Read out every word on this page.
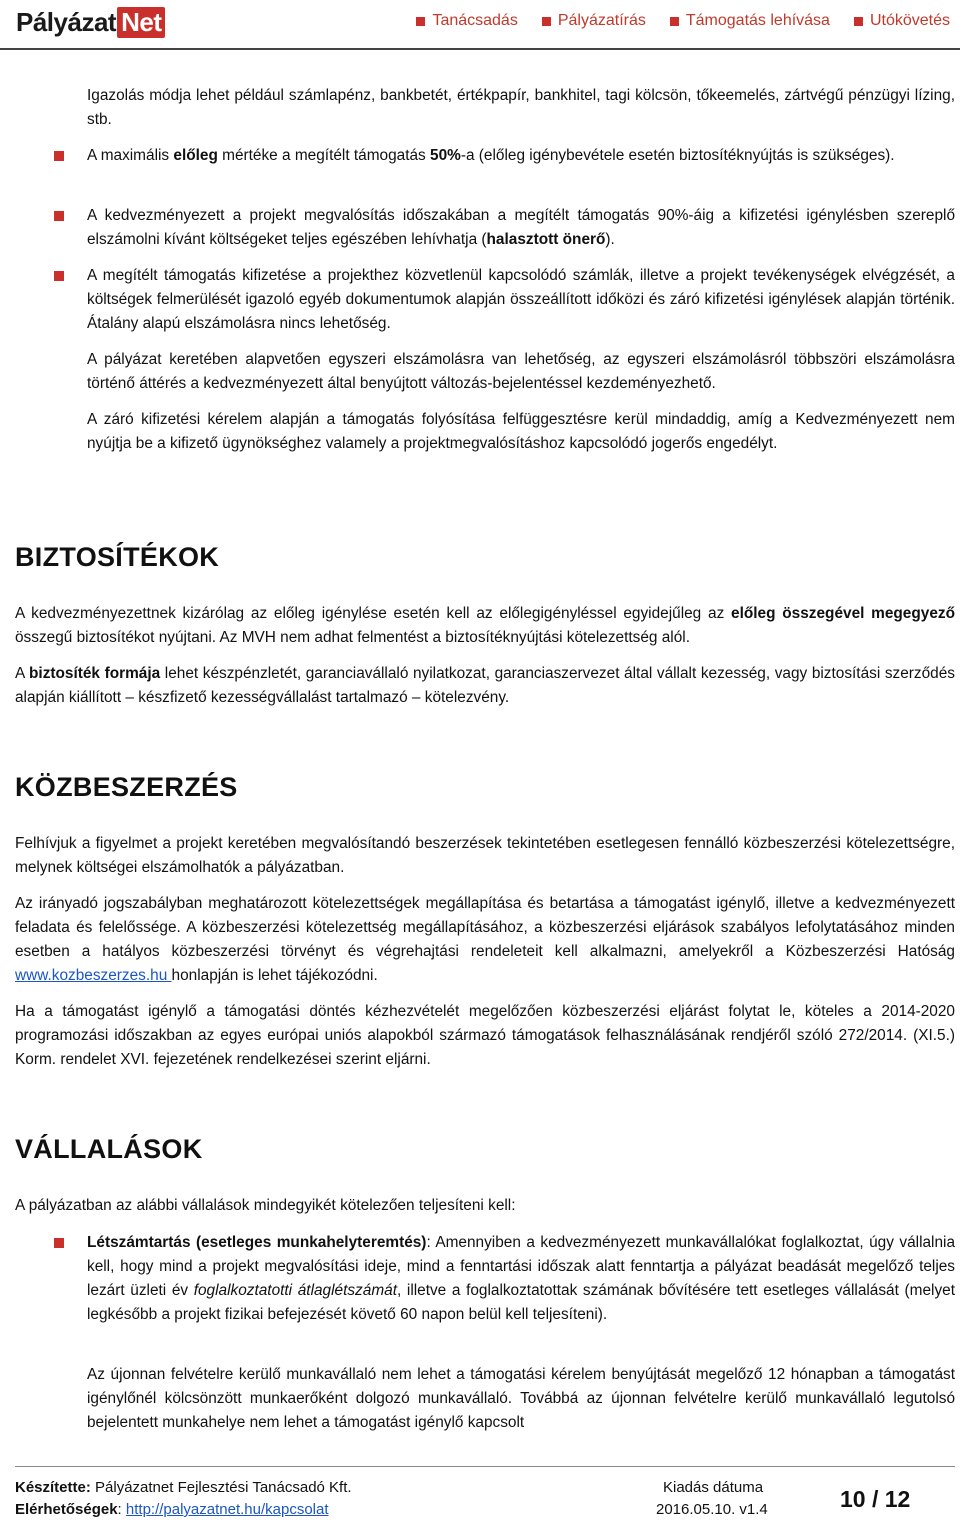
Pályázat Net	Tanácsadás	Pályázatírás	Támogatás lehívása	Utókövetés
Igazolás módja lehet például számlapénz, bankbetét, értékpapír, bankhitel, tagi kölcsön, tőkeemelés, zártvégű pénzügyi lízing, stb.
A maximális előleg mértéke a megítélt támogatás 50%-a (előleg igénybevétele esetén biztosítéknyújtás is szükséges).
A kedvezményezett a projekt megvalósítás időszakában a megítélt támogatás 90%-áig a kifizetési igénylésben szereplő elszámolni kívánt költségeket teljes egészében lehívhatja (halasztott önerő).
A megítélt támogatás kifizetése a projekthez közvetlenül kapcsolódó számlák, illetve a projekt tevékenységek elvégzését, a költségek felmerülését igazoló egyéb dokumentumok alapján összeállított időközi és záró kifizetési igénylések alapján történik. Átalány alapú elszámolásra nincs lehetőség.
A pályázat keretében alapvetően egyszeri elszámolásra van lehetőség, az egyszeri elszámolásról többszöri elszámolásra történő áttérés a kedvezményezett által benyújtott változás-bejelentéssel kezdeményezhető.
A záró kifizetési kérelem alapján a támogatás folyósítása felfüggesztésre kerül mindaddig, amíg a Kedvezményezett nem nyújtja be a kifizető ügynökséghez valamely a projektmegvalósításhoz kapcsolódó jogerős engedélyt.
BIZTOSÍTÉKOK
A kedvezményezettnek kizárólag az előleg igénylése esetén kell az előlegigényléssel egyidejűleg az előleg összegével megegyező összegű biztosítékot nyújtani. Az MVH nem adhat felmentést a biztosítéknyújtási kötelezettség alól.
A biztosíték formája lehet készpénzletét, garanciavállaló nyilatkozat, garanciaszervezet által vállalt kezesség, vagy biztosítási szerződés alapján kiállított – készfizető kezességvállalást tartalmazó – kötelezvény.
KÖZBESZERZÉS
Felhívjuk a figyelmet a projekt keretében megvalósítandó beszerzések tekintetében esetlegesen fennálló közbeszerzési kötelezettségre, melynek költségei elszámolhatók a pályázatban.
Az irányadó jogszabályban meghatározott kötelezettségek megállapítása és betartása a támogatást igénylő, illetve a kedvezményezett feladata és felelőssége. A közbeszerzési kötelezettség megállapításához, a közbeszerzési eljárások szabályos lefolytatásához minden esetben a hatályos közbeszerzési törvényt és végrehajtási rendeleteit kell alkalmazni, amelyekről a Közbeszerzési Hatóság www.kozbeszerzes.hu honlapján is lehet tájékozódni.
Ha a támogatást igénylő a támogatási döntés kézhezvételét megelőzően közbeszerzési eljárást folytat le, köteles a 2014-2020 programozási időszakban az egyes európai uniós alapokból származó támogatások felhasználásának rendjéről szóló 272/2014. (XI.5.) Korm. rendelet XVI. fejezetének rendelkezései szerint eljárni.
VÁLLALÁSOK
A pályázatban az alábbi vállalások mindegyikét kötelezően teljesíteni kell:
Létszámtartás (esetleges munkahelyteremtés): Amennyiben a kedvezményezett munkavállalókat foglalkoztat, úgy vállalnia kell, hogy mind a projekt megvalósítási ideje, mind a fenntartási időszak alatt fenntartja a pályázat beadását megelőző teljes lezárt üzleti év foglalkoztatotti átlaglétszámát, illetve a foglalkoztatottak számának bővítésére tett esetleges vállalását (melyet legkésőbb a projekt fizikai befejezését követő 60 napon belül kell teljesíteni).
Az újonnan felvételre kerülő munkavállaló nem lehet a támogatási kérelem benyújtását megelőző 12 hónapban a támogatást igénylőnél kölcsönzött munkaerőként dolgozó munkavállaló. Továbbá az újonnan felvételre kerülő munkavállaló legutolsó bejelentett munkahelye nem lehet a támogatást igénylő kapcsolt
Készítette: Pályázatnet Fejlesztési Tanácsadó Kft.
Elérhetőségek: http://palyazatnet.hu/kapcsolat
Kiadás dátuma
2016.05.10. v1.4	10 / 12
